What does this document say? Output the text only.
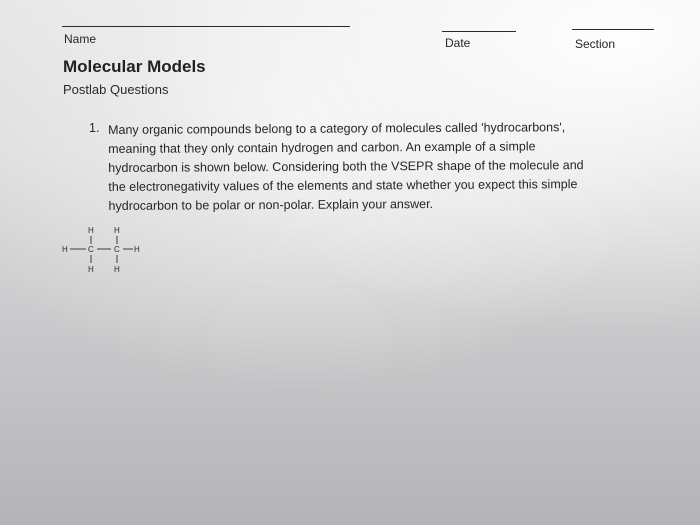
Name	Date	Section
Molecular Models
Postlab Questions
1. Many organic compounds belong to a category of molecules called 'hydrocarbons',
meaning that they only contain hydrogen and carbon. An example of a simple
hydrocarbon is shown below. Considering both the VSEPR shape of the molecule and
the electronegativity values of the elements and state whether you expect this simple
hydrocarbon to be polar or non-polar. Explain your answer.
H	H
H	C	C H
H	H
